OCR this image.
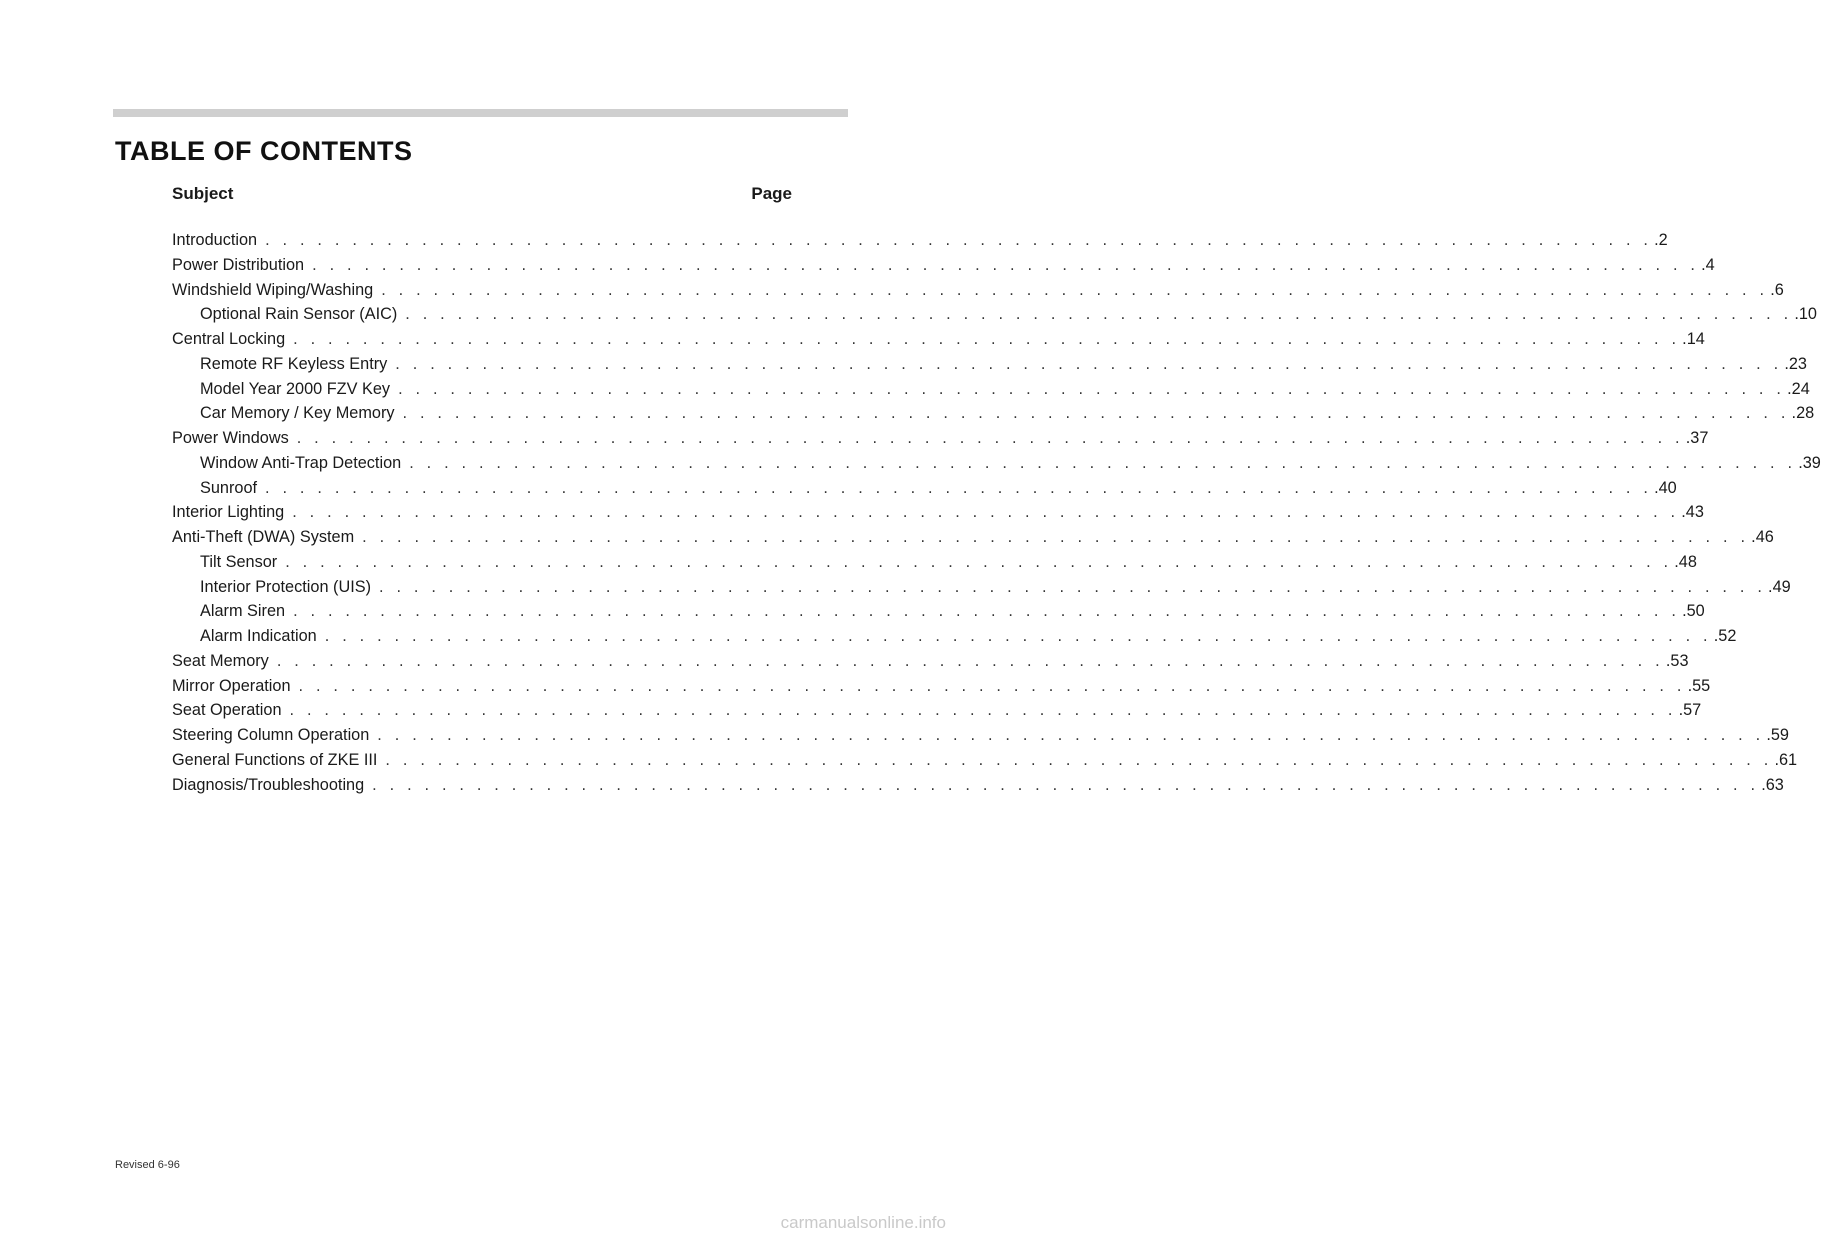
TABLE OF CONTENTS
Subject	Page
Introduction . . . . . . . . . . . . . . . . . . . . . . . . . . . . . . . . . . . . . . . . . . . . . . . . . . . . . . . . . . . . . . . . . . . . . . . . . . . . . . . . .2
Power Distribution . . . . . . . . . . . . . . . . . . . . . . . . . . . . . . . . . . . . . . . . . . . . . . . . . . . . . . . . . . . . . . . . . . . . . . . . . . . . . . . . .4
Windshield Wiping/Washing . . . . . . . . . . . . . . . . . . . . . . . . . . . . . . . . . . . . . . . . . . . . . . . . . . . . . . . . . . . . . . . . . . . . . . . . . . . . . . . . .6
Optional Rain Sensor (AIC) . . . . . . . . . . . . . . . . . . . . . . . . . . . . . . . . . . . . . . . . . . . . . . . . . . . . . . . . . . . . . . . . . . . . . . . . . . . . . . . . .10
Central Locking . . . . . . . . . . . . . . . . . . . . . . . . . . . . . . . . . . . . . . . . . . . . . . . . . . . . . . . . . . . . . . . . . . . . . . . . . . . . . . . . .14
Remote RF Keyless Entry . . . . . . . . . . . . . . . . . . . . . . . . . . . . . . . . . . . . . . . . . . . . . . . . . . . . . . . . . . . . . . . . . . . . . . . . . . . . . . . . .23
Model Year 2000 FZV Key . . . . . . . . . . . . . . . . . . . . . . . . . . . . . . . . . . . . . . . . . . . . . . . . . . . . . . . . . . . . . . . . . . . . . . . . . . . . . . . . .24
Car Memory / Key Memory . . . . . . . . . . . . . . . . . . . . . . . . . . . . . . . . . . . . . . . . . . . . . . . . . . . . . . . . . . . . . . . . . . . . . . . . . . . . . . . . .28
Power Windows . . . . . . . . . . . . . . . . . . . . . . . . . . . . . . . . . . . . . . . . . . . . . . . . . . . . . . . . . . . . . . . . . . . . . . . . . . . . . . . . .37
Window Anti-Trap Detection . . . . . . . . . . . . . . . . . . . . . . . . . . . . . . . . . . . . . . . . . . . . . . . . . . . . . . . . . . . . . . . . . . . . . . . . . . . . . . . . .39
Sunroof . . . . . . . . . . . . . . . . . . . . . . . . . . . . . . . . . . . . . . . . . . . . . . . . . . . . . . . . . . . . . . . . . . . . . . . . . . . . . . . . .40
Interior Lighting . . . . . . . . . . . . . . . . . . . . . . . . . . . . . . . . . . . . . . . . . . . . . . . . . . . . . . . . . . . . . . . . . . . . . . . . . . . . . . . . .43
Anti-Theft (DWA) System . . . . . . . . . . . . . . . . . . . . . . . . . . . . . . . . . . . . . . . . . . . . . . . . . . . . . . . . . . . . . . . . . . . . . . . . . . . . . . . . .46
Tilt Sensor . . . . . . . . . . . . . . . . . . . . . . . . . . . . . . . . . . . . . . . . . . . . . . . . . . . . . . . . . . . . . . . . . . . . . . . . . . . . . . . . .48
Interior Protection (UIS) . . . . . . . . . . . . . . . . . . . . . . . . . . . . . . . . . . . . . . . . . . . . . . . . . . . . . . . . . . . . . . . . . . . . . . . . . . . . . . . . .49
Alarm Siren . . . . . . . . . . . . . . . . . . . . . . . . . . . . . . . . . . . . . . . . . . . . . . . . . . . . . . . . . . . . . . . . . . . . . . . . . . . . . . . . .50
Alarm Indication . . . . . . . . . . . . . . . . . . . . . . . . . . . . . . . . . . . . . . . . . . . . . . . . . . . . . . . . . . . . . . . . . . . . . . . . . . . . . . . . .52
Seat Memory . . . . . . . . . . . . . . . . . . . . . . . . . . . . . . . . . . . . . . . . . . . . . . . . . . . . . . . . . . . . . . . . . . . . . . . . . . . . . . . . .53
Mirror Operation . . . . . . . . . . . . . . . . . . . . . . . . . . . . . . . . . . . . . . . . . . . . . . . . . . . . . . . . . . . . . . . . . . . . . . . . . . . . . . . . .55
Seat Operation . . . . . . . . . . . . . . . . . . . . . . . . . . . . . . . . . . . . . . . . . . . . . . . . . . . . . . . . . . . . . . . . . . . . . . . . . . . . . . . . .57
Steering Column Operation . . . . . . . . . . . . . . . . . . . . . . . . . . . . . . . . . . . . . . . . . . . . . . . . . . . . . . . . . . . . . . . . . . . . . . . . . . . . . . . . .59
General Functions of ZKE III . . . . . . . . . . . . . . . . . . . . . . . . . . . . . . . . . . . . . . . . . . . . . . . . . . . . . . . . . . . . . . . . . . . . . . . . . . . . . . . . .61
Diagnosis/Troubleshooting . . . . . . . . . . . . . . . . . . . . . . . . . . . . . . . . . . . . . . . . . . . . . . . . . . . . . . . . . . . . . . . . . . . . . . . . . . . . . . . . .63
Revised 6-96
carmanualsonline.info
